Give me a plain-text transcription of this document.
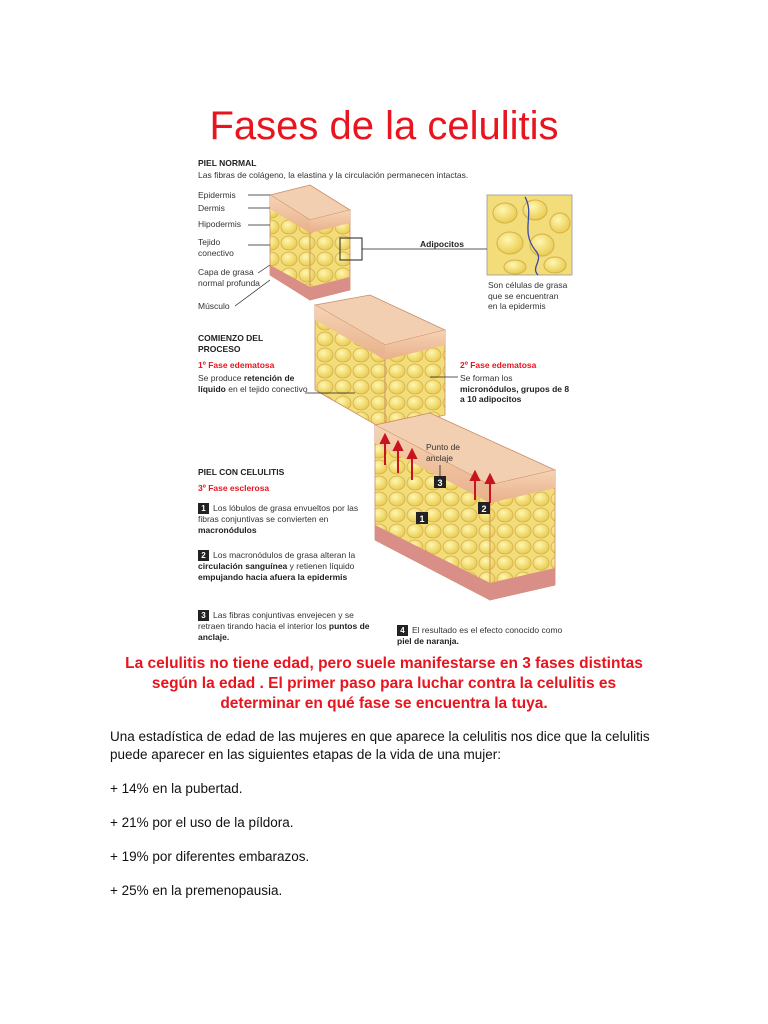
Fases de la celulitis
3
1
2
PIEL NORMAL
Las fibras de colágeno, la elastina y la circulación permanecen intactas.
Epidermis
Dermis
Hipodermis
Tejido conectivo
Capa de grasa normal profunda
Músculo
Adipocitos
Son células de grasa que se encuentran en la epidermis
COMIENZO DEL PROCESO
1º Fase edematosa
Se produce retención de líquido en el tejido conectivo
2º Fase edematosa
Se forman los micronódulos, grupos de 8 a 10 adipocitos
Punto de anclaje
PIEL CON CELULITIS
3º Fase esclerosa
1 Los lóbulos de grasa envueltos por las fibras conjuntivas se convierten en macronódulos
2 Los macronódulos de grasa alteran la circulación sanguínea y retienen líquido empujando hacia afuera la epidermis
3 Las fibras conjuntivas envejecen y se retraen tirando hacia el interior los puntos de anclaje.
4 El resultado es el efecto conocido como piel de naranja.

La celulitis no tiene edad, pero suele manifestarse en 3 fases distintas según la edad . El primer paso para luchar contra la celulitis es determinar en qué fase se encuentra la tuya.

Una estadística de edad de las mujeres en que aparece la celulitis nos dice que la celulitis puede aparecer en las siguientes etapas de la vida de una mujer:

+ 14% en la pubertad.

+ 21% por el uso de la píldora.

+ 19% por diferentes embarazos.

+ 25% en la premenopausia.
